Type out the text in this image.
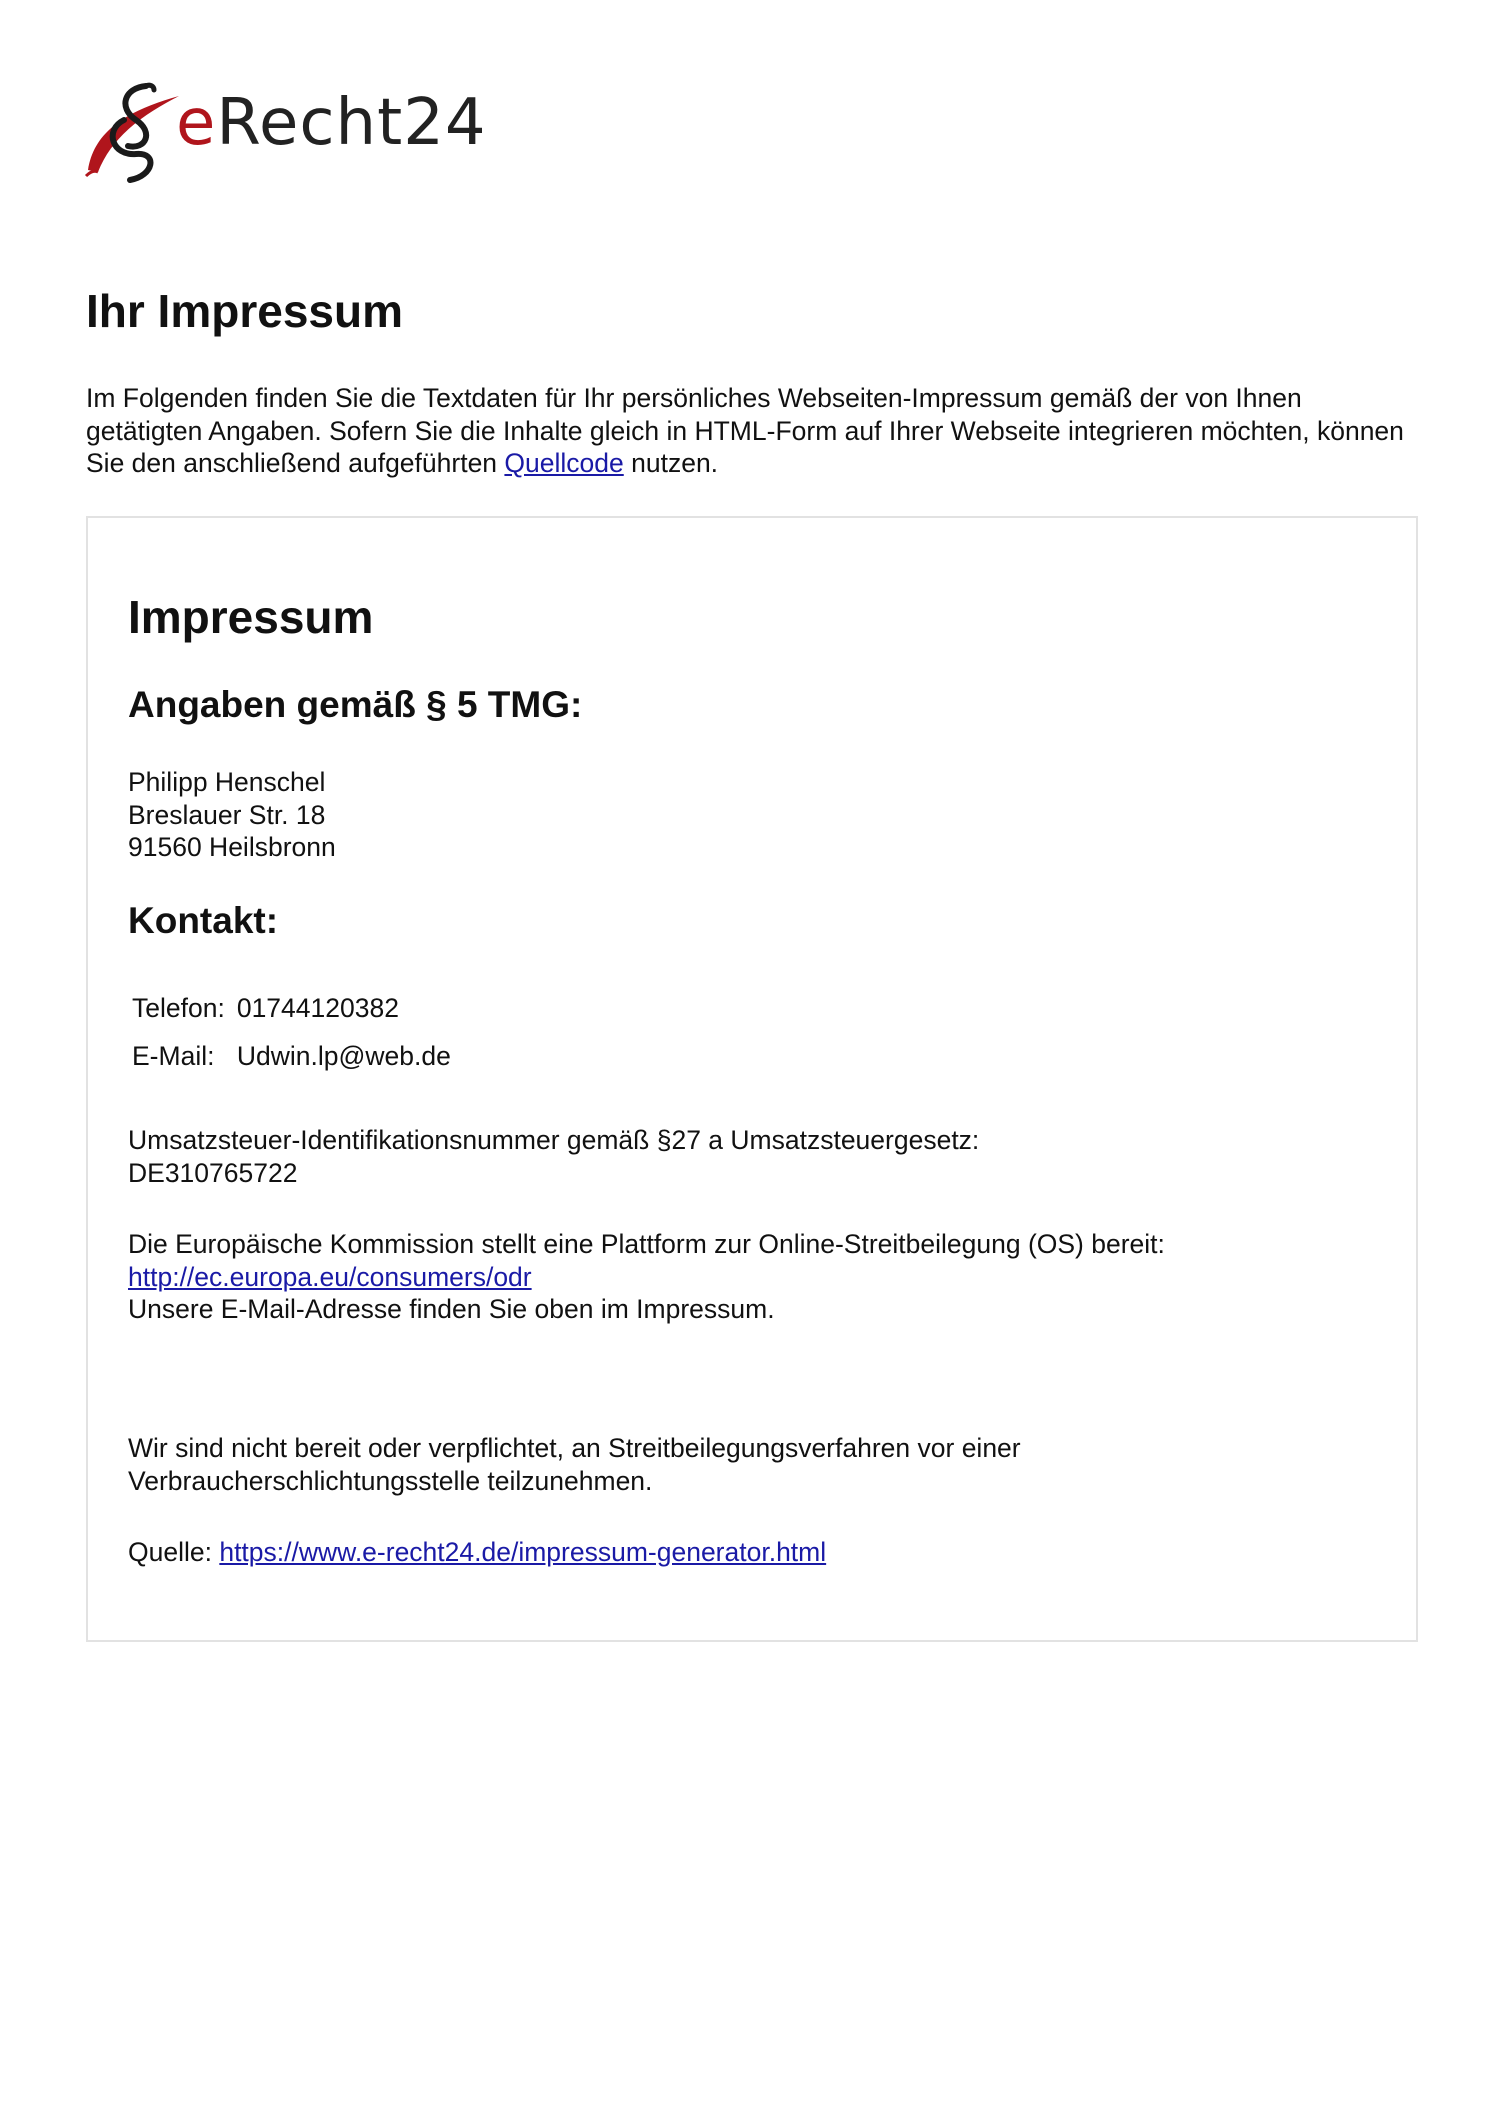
eRecht24
Ihr Impressum

Im Folgenden finden Sie die Textdaten für Ihr persönliches Webseiten-Impressum gemäß der von Ihnen
getätigten Angaben. Sofern Sie die Inhalte gleich in HTML-Form auf Ihrer Webseite integrieren möchten, können
Sie den anschließend aufgeführten Quellcode nutzen.

Impressum
Angaben gemäß § 5 TMG:

Philipp Henschel
Breslauer Str. 18
91560 Heilsbronn

Kontakt:
Telefon:	01744120382
E-Mail:	Udwin.lp@web.de

Umsatzsteuer-Identifikationsnummer gemäß §27 a Umsatzsteuergesetz:
DE310765722

Die Europäische Kommission stellt eine Plattform zur Online-Streitbeilegung (OS) bereit:
http://ec.europa.eu/consumers/odr
Unsere E-Mail-Adresse finden Sie oben im Impressum.

Wir sind nicht bereit oder verpflichtet, an Streitbeilegungsverfahren vor einer
Verbraucherschlichtungsstelle teilzunehmen.

Quelle: https://www.e-recht24.de/impressum-generator.html
